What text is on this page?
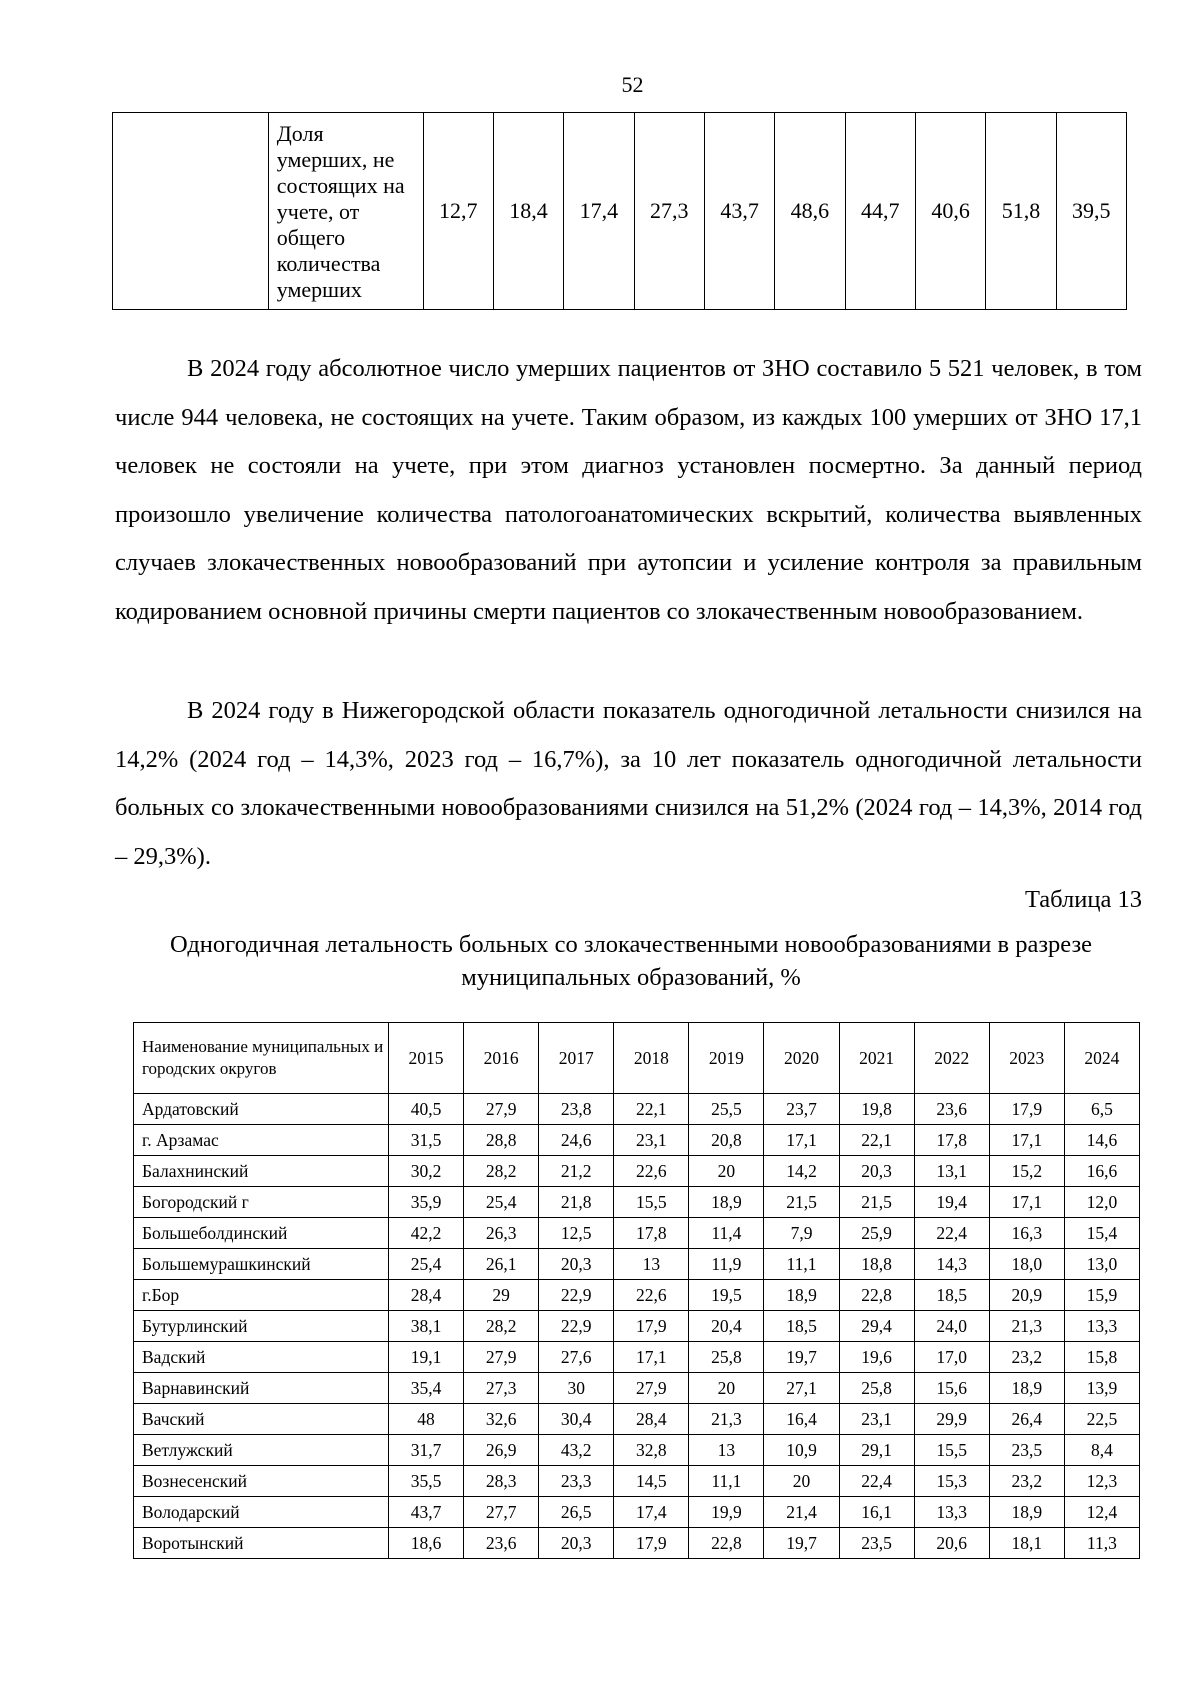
52
	Доля умерших, не состоящих на учете, от общего количества умерших	12,7	18,4	17,4	27,3	43,7	48,6	44,7	40,6	51,8	39,5

В 2024 году абсолютное число умерших пациентов от ЗНО составило 5 521 человек, в том числе 944 человека, не состоящих на учете. Таким образом, из каждых 100 умерших от ЗНО 17,1 человек не состояли на учете, при этом диагноз установлен посмертно. За данный период произошло увеличение количества патологоанатомических вскрытий, количества выявленных случаев злокачественных новообразований при аутопсии и усиление контроля за правильным кодированием основной причины смерти пациентов со злокачественным новообразованием.

В 2024 году в Нижегородской области показатель одногодичной летальности снизился на 14,2% (2024 год – 14,3%, 2023 год – 16,7%), за 10 лет показатель одногодичной летальности больных со злокачественными новообразованиями снизился на 51,2% (2024 год – 14,3%, 2014 год – 29,3%).

Таблица 13
Одногодичная летальность больных со злокачественными новообразованиями в разрезе муниципальных образований, %
Наименование муниципальных и городских округов	2015	2016	2017	2018	2019	2020	2021	2022	2023	2024
Ардатовский	40,5	27,9	23,8	22,1	25,5	23,7	19,8	23,6	17,9	6,5
г. Арзамас	31,5	28,8	24,6	23,1	20,8	17,1	22,1	17,8	17,1	14,6
Балахнинский	30,2	28,2	21,2	22,6	20	14,2	20,3	13,1	15,2	16,6
Богородский г	35,9	25,4	21,8	15,5	18,9	21,5	21,5	19,4	17,1	12,0
Большеболдинский	42,2	26,3	12,5	17,8	11,4	7,9	25,9	22,4	16,3	15,4
Большемурашкинский	25,4	26,1	20,3	13	11,9	11,1	18,8	14,3	18,0	13,0
г.Бор	28,4	29	22,9	22,6	19,5	18,9	22,8	18,5	20,9	15,9
Бутурлинский	38,1	28,2	22,9	17,9	20,4	18,5	29,4	24,0	21,3	13,3
Вадский	19,1	27,9	27,6	17,1	25,8	19,7	19,6	17,0	23,2	15,8
Варнавинский	35,4	27,3	30	27,9	20	27,1	25,8	15,6	18,9	13,9
Вачский	48	32,6	30,4	28,4	21,3	16,4	23,1	29,9	26,4	22,5
Ветлужский	31,7	26,9	43,2	32,8	13	10,9	29,1	15,5	23,5	8,4
Вознесенский	35,5	28,3	23,3	14,5	11,1	20	22,4	15,3	23,2	12,3
Володарский	43,7	27,7	26,5	17,4	19,9	21,4	16,1	13,3	18,9	12,4
Воротынский	18,6	23,6	20,3	17,9	22,8	19,7	23,5	20,6	18,1	11,3
